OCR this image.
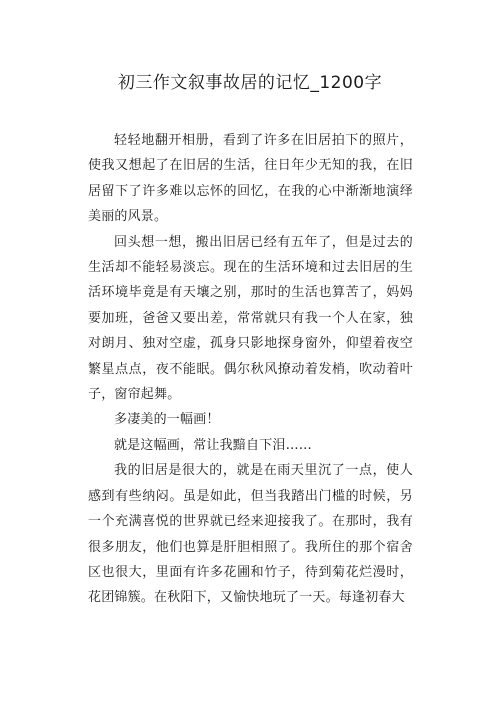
初三作文叙事故居的记忆_1200字

轻轻地翻开相册，看到了许多在旧居拍下的照片，使我又想起了在旧居的生活，往日年少无知的我，在旧居留下了许多难以忘怀的回忆，在我的心中渐渐地演绎美丽的风景。

回头想一想，搬出旧居已经有五年了，但是过去的生活却不能轻易淡忘。现在的生活环境和过去旧居的生活环境毕竟是有天壤之别，那时的生活也算苦了，妈妈要加班，爸爸又要出差，常常就只有我一个人在家，独对朗月、独对空虚，孤身只影地探身窗外，仰望着夜空繁星点点，夜不能眠。偶尔秋风撩动着发梢，吹动着叶子，窗帘起舞。

多凄美的一幅画！

就是这幅画，常让我黯自下泪……

我的旧居是很大的，就是在雨天里沉了一点，使人感到有些纳闷。虽是如此，但当我踏出门槛的时候，另一个充满喜悦的世界就已经来迎接我了。在那时，我有很多朋友，他们也算是肝胆相照了。我所住的那个宿舍区也很大，里面有许多花圃和竹子，待到菊花烂漫时，花团锦簇。在秋阳下，又愉快地玩了一天。每逢初春大
